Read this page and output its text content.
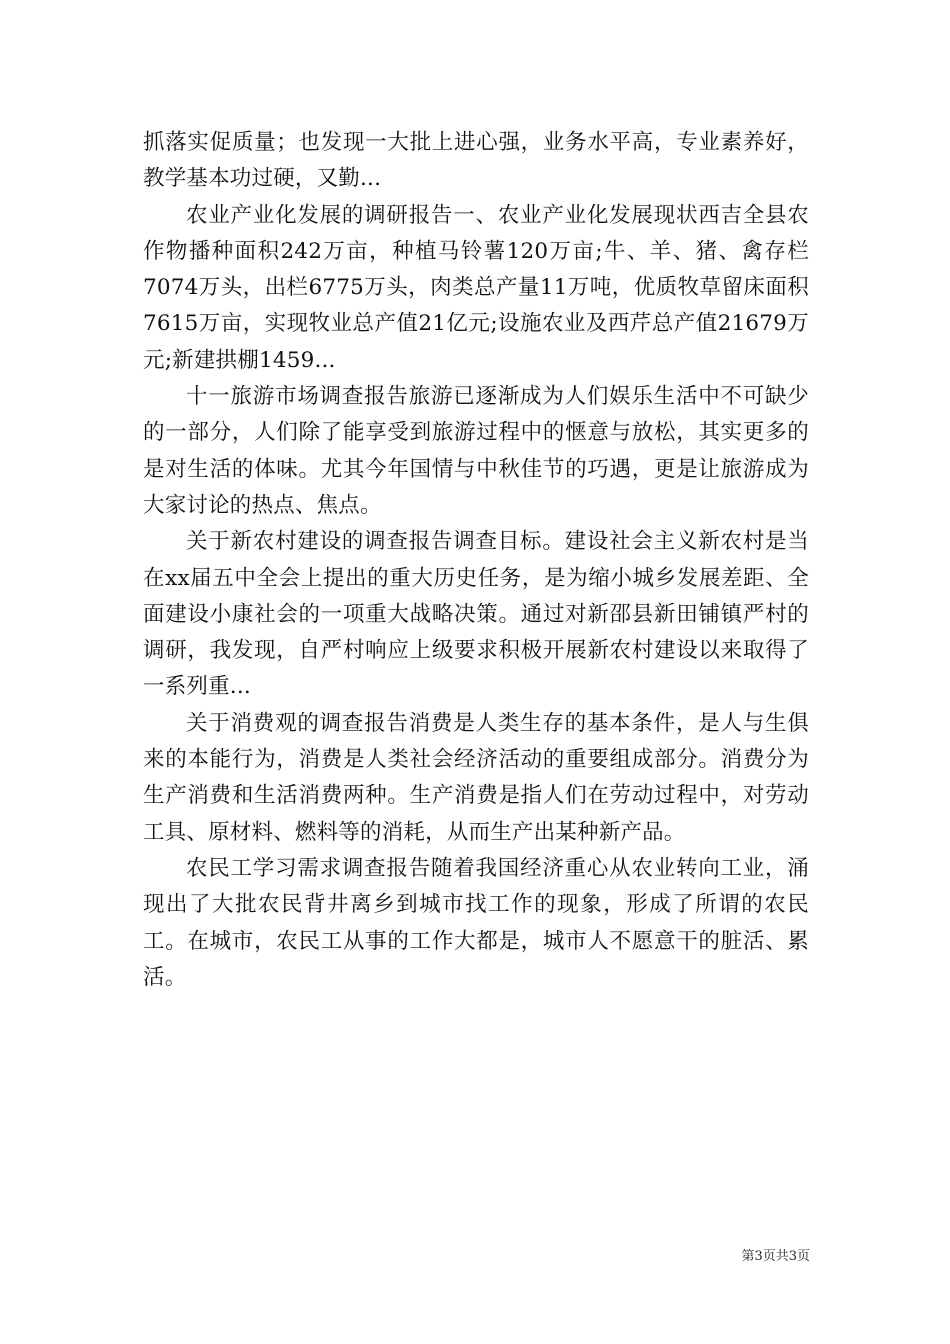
抓落实促质量；也发现一大批上进心强，业务水平高，专业素养好，教学基本功过硬，又勤...

农业产业化发展的调研报告一、农业产业化发展现状西吉全县农作物播种面积242万亩，种植马铃薯120万亩;牛、羊、猪、禽存栏7074万头，出栏6775万头，肉类总产量11万吨，优质牧草留床面积7615万亩，实现牧业总产值21亿元;设施农业及西芹总产值21679万元;新建拱棚1459...

十一旅游市场调查报告旅游已逐渐成为人们娱乐生活中不可缺少的一部分，人们除了能享受到旅游过程中的惬意与放松，其实更多的是对生活的体味。尤其今年国情与中秋佳节的巧遇，更是让旅游成为大家讨论的热点、焦点。

关于新农村建设的调查报告调查目标。建设社会主义新农村是当在xx届五中全会上提出的重大历史任务，是为缩小城乡发展差距、全面建设小康社会的一项重大战略决策。通过对新邵县新田铺镇严村的调研，我发现，自严村响应上级要求积极开展新农村建设以来取得了一系列重...

关于消费观的调查报告消费是人类生存的基本条件，是人与生俱来的本能行为，消费是人类社会经济活动的重要组成部分。消费分为生产消费和生活消费两种。生产消费是指人们在劳动过程中，对劳动工具、原材料、燃料等的消耗，从而生产出某种新产品。

农民工学习需求调查报告随着我国经济重心从农业转向工业，涌现出了大批农民背井离乡到城市找工作的现象，形成了所谓的农民工。在城市，农民工从事的工作大都是，城市人不愿意干的脏活、累活。

第3页共3页
